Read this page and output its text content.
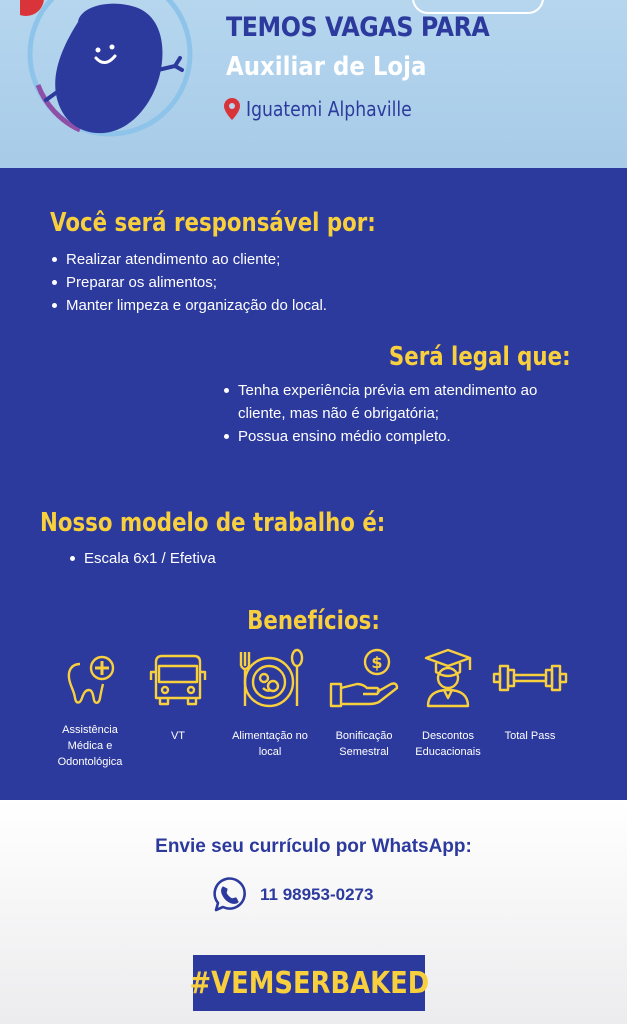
TEMOS VAGAS PARA
Auxiliar de Loja
Iguatemi Alphaville
Você será responsável por:
Realizar atendimento ao cliente;
Preparar os alimentos;
Manter limpeza e organização do local.
Será legal que:
Tenha experiência prévia em atendimento ao cliente, mas não é obrigatória;
Possua ensino médio completo.
Nosso modelo de trabalho é:
Escala 6x1 / Efetiva
Benefícios:
Assistência Médica e Odontológica
VT	Alimentação no local
$
Bonificação Semestral
Descontos Educacionais
Total Pass
Envie seu currículo por WhatsApp:
11 98953-0273
#VEMSERBAKED
